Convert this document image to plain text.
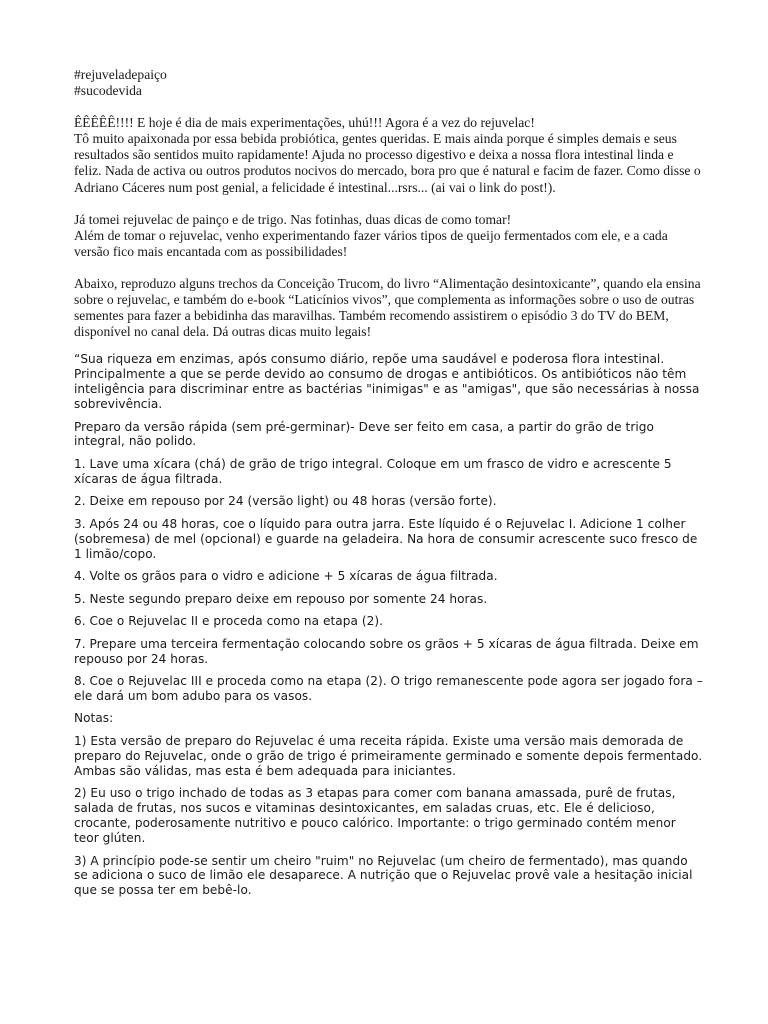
#rejuveladepaiço
#sucodevida

ÊÊÊÊÊ!!!! E hoje é dia de mais experimentações, uhú!!! Agora é a vez do rejuvelac!
Tô muito apaixonada por essa bebida probiótica, gentes queridas. E mais ainda porque é simples demais e seus resultados são sentidos muito rapidamente! Ajuda no processo digestivo e deixa a nossa flora intestinal linda e feliz. Nada de activa ou outros produtos nocivos do mercado, bora pro que é natural e facim de fazer. Como disse o Adriano Cáceres num post genial, a felicidade é intestinal...rsrs... (ai vai o link do post!).

Já tomei rejuvelac de painço e de trigo. Nas fotinhas, duas dicas de como tomar!
Além de tomar o rejuvelac, venho experimentando fazer vários tipos de queijo fermentados com ele, e a cada versão fico mais encantada com as possibilidades!

Abaixo, reproduzo alguns trechos da Conceição Trucom, do livro “Alimentação desintoxicante”, quando ela ensina sobre o rejuvelac, e também do e-book “Laticínios vivos”, que complementa as informações sobre o uso de outras sementes para fazer a bebidinha das maravilhas. Também recomendo assistirem o episódio 3 do TV do BEM, disponível no canal dela. Dá outras dicas muito legais!

“Sua riqueza em enzimas, após consumo diário, repõe uma saudável e poderosa flora intestinal. Principalmente a que se perde devido ao consumo de drogas e antibióticos. Os antibióticos não têm inteligência para discriminar entre as bactérias "inimigas" e as "amigas", que são necessárias à nossa sobrevivência.

Preparo da versão rápida (sem pré-germinar)- Deve ser feito em casa, a partir do grão de trigo integral, não polido.

1. Lave uma xícara (chá) de grão de trigo integral. Coloque em um frasco de vidro e acrescente 5 xícaras de água filtrada.

2. Deixe em repouso por 24 (versão light) ou 48 horas (versão forte).

3. Após 24 ou 48 horas, coe o líquido para outra jarra. Este líquido é o Rejuvelac I. Adicione 1 colher (sobremesa) de mel (opcional) e guarde na geladeira. Na hora de consumir acrescente suco fresco de 1 limão/copo.

4. Volte os grãos para o vidro e adicione + 5 xícaras de água filtrada.

5. Neste segundo preparo deixe em repouso por somente 24 horas.

6. Coe o Rejuvelac II e proceda como na etapa (2).

7. Prepare uma terceira fermentação colocando sobre os grãos + 5 xícaras de água filtrada. Deixe em repouso por 24 horas.

8. Coe o Rejuvelac III e proceda como na etapa (2). O trigo remanescente pode agora ser jogado fora – ele dará um bom adubo para os vasos.

Notas:

1) Esta versão de preparo do Rejuvelac é uma receita rápida. Existe uma versão mais demorada de preparo do Rejuvelac, onde o grão de trigo é primeiramente germinado e somente depois fermentado. Ambas são válidas, mas esta é bem adequada para iniciantes.

2) Eu uso o trigo inchado de todas as 3 etapas para comer com banana amassada, purê de frutas, salada de frutas, nos sucos e vitaminas desintoxicantes, em saladas cruas, etc. Ele é delicioso, crocante, poderosamente nutritivo e pouco calórico. Importante: o trigo germinado contém menor teor glúten.

3) A princípio pode-se sentir um cheiro "ruim" no Rejuvelac (um cheiro de fermentado), mas quando se adiciona o suco de limão ele desaparece. A nutrição que o Rejuvelac provê vale a hesitação inicial que se possa ter em bebê-lo.
